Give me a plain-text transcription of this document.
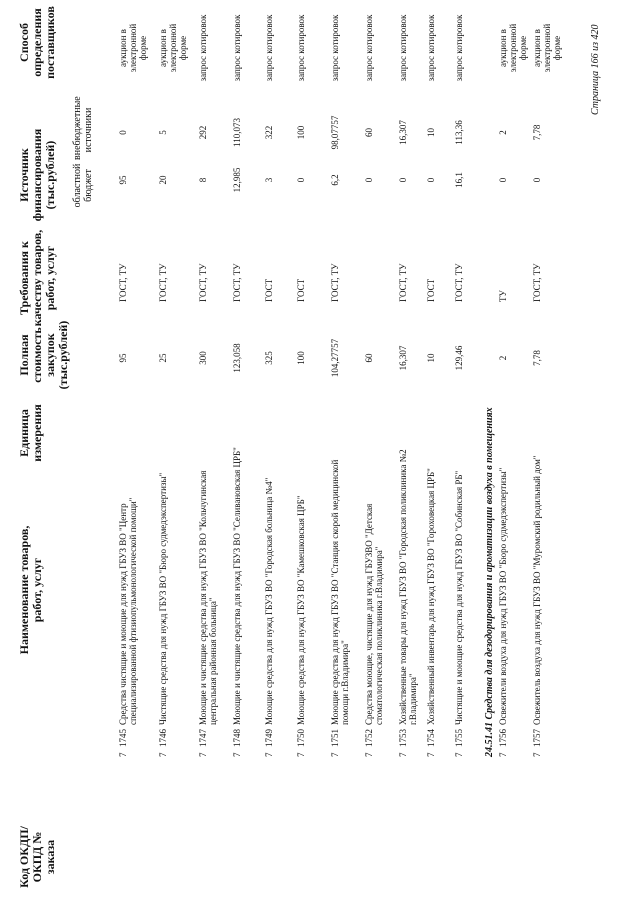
Код ОКДП/ ОКПД № заказа
Наименование товаров, работ, услуг
Единица измерения
Полная стоимость закупок (тыс.рублей)
Требования к качеству товаров, работ, услуг
Источник финансирования (тыс.рублей) областной бюджет
внебюджетные источники
Способ определения поставщиков
7
1745
Средства чистящие и моющие для нужд ГБУЗ ВО "Центр специализированной фтизиопульмонологической помощи"
95
ГОСТ, ТУ
95
0
аукцион в электронной форме
7
1746
Чистящие средства для нужд ГБУЗ ВО "Бюро судмедэкспертизы"
25
ГОСТ, ТУ
20
5
аукцион в электронной форме
7
1747
Моющие и чистящие средства для нужд ГБУЗ ВО "Кольчугинская центральная районная больница"
300
ГОСТ, ТУ
8
292
запрос котировок
7
1748
Моющие и чистящие средства для нужд ГБУЗ ВО "Селивановская ЦРБ"
123,058
ГОСТ, ТУ
12,985
110,073
запрос котировок
7
1749
Моющие средства для нужд ГБУЗ ВО "Городская больница №4"
325
ГОСТ
3
322
запрос котировок
7
1750
Моющие средства для нужд ГБУЗ ВО "Камешковская ЦРБ"
100
ГОСТ
0
100
запрос котировок
7
1751
Моющие средства для нужд ГБУЗ ВО "Станция скорой медицинской помощи г.Владимира"
104,27757
ГОСТ, ТУ
6,2
98,07757
запрос котировок
7
1752
Средства моющие, чистящие для нужд ГБУЗВО "Детская стоматологическая поликлиника г.Владимира"
60
0
60
запрос котировок
7
1753
Хозяйственные товары для нужд ГБУЗ ВО "Городская поликлиника №2 г.Владимира"
16,307
ГОСТ, ТУ
0
16,307
запрос котировок
7
1754
Хозяйственный инвентарь для нужд ГБУЗ ВО "Гороховецкая ЦРБ"
10
ГОСТ
0
10
запрос котировок
7
1755
Чистящие и моющие средства для нужд ГБУЗ ВО "Собинская РБ"
129,46
ГОСТ, ТУ
16,1
113,36
запрос котировок
24.51.41 Средства для дезодорирования и ароматизации воздуха в помещениях
7
1756
Освежители воздуха для нужд ГБУЗ ВО "Бюро судмедэкспертизы"
2
ТУ
0
2
аукцион в электронной форме
7
1757
Освежитель воздуха для нужд ГБУЗ ВО "Муромский родильный дом"
7,78
ГОСТ, ТУ
0
7,78
аукцион в электронной форме	Страница 166 из 420
